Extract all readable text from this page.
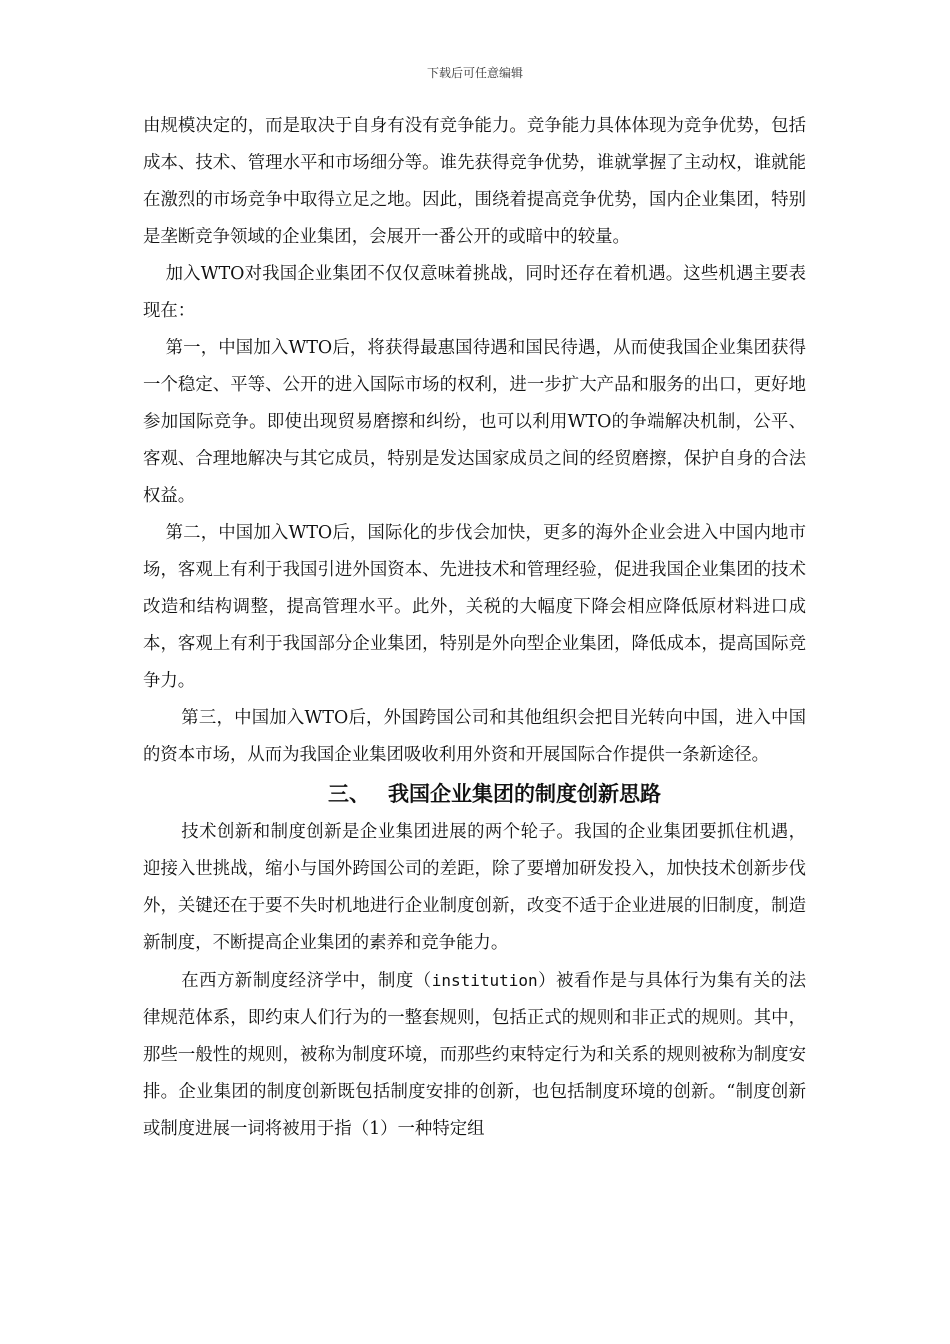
下载后可任意编辑

由规模决定的，而是取决于自身有没有竞争能力。竞争能力具体体现为竞争优势，包括成本、技术、管理水平和市场细分等。谁先获得竞争优势，谁就掌握了主动权，谁就能在激烈的市场竞争中取得立足之地。因此，围绕着提高竞争优势，国内企业集团，特别是垄断竞争领域的企业集团，会展开一番公开的或暗中的较量。

加入WTO对我国企业集团不仅仅意味着挑战，同时还存在着机遇。这些机遇主要表现在：

第一，中国加入WTO后，将获得最惠国待遇和国民待遇，从而使我国企业集团获得一个稳定、平等、公开的进入国际市场的权利，进一步扩大产品和服务的出口，更好地参加国际竞争。即使出现贸易磨擦和纠纷，也可以利用WTO的争端解决机制，公平、客观、合理地解决与其它成员，特别是发达国家成员之间的经贸磨擦，保护自身的合法权益。

第二，中国加入WTO后，国际化的步伐会加快，更多的海外企业会进入中国内地市场，客观上有利于我国引进外国资本、先进技术和管理经验，促进我国企业集团的技术改造和结构调整，提高管理水平。此外，关税的大幅度下降会相应降低原材料进口成本，客观上有利于我国部分企业集团，特别是外向型企业集团，降低成本，提高国际竞争力。

第三，中国加入WTO后，外国跨国公司和其他组织会把目光转向中国，进入中国的资本市场，从而为我国企业集团吸收利用外资和开展国际合作提供一条新途径。

三、 我国企业集团的制度创新思路

技术创新和制度创新是企业集团进展的两个轮子。我国的企业集团要抓住机遇，迎接入世挑战，缩小与国外跨国公司的差距，除了要增加研发投入，加快技术创新步伐外，关键还在于要不失时机地进行企业制度创新，改变不适于企业进展的旧制度，制造新制度，不断提高企业集团的素养和竞争能力。

在西方新制度经济学中，制度（institution）被看作是与具体行为集有关的法律规范体系，即约束人们行为的一整套规则，包括正式的规则和非正式的规则。其中，那些一般性的规则，被称为制度环境，而那些约束特定行为和关系的规则被称为制度安排。企业集团的制度创新既包括制度安排的创新，也包括制度环境的创新。“制度创新或制度进展一词将被用于指（1）一种特定组
